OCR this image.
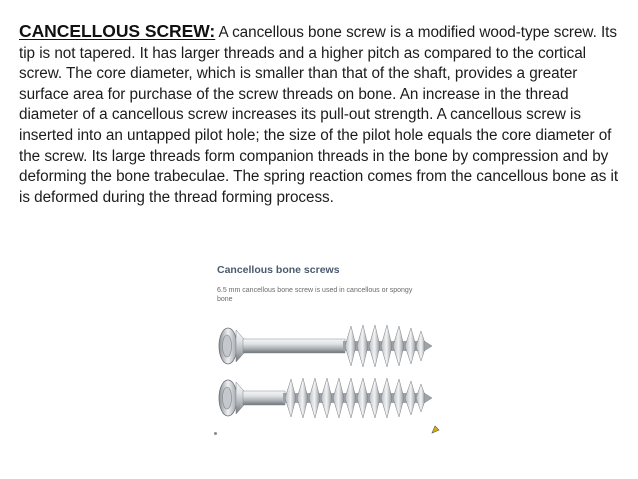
CANCELLOUS SCREW: A cancellous bone screw is a modified wood-type screw. Its tip is not tapered. It has larger threads and a higher pitch as compared to the cortical screw. The core diameter, which is smaller than that of the shaft, provides a greater surface area for purchase of the screw threads on bone. An increase in the thread diameter of a cancellous screw increases its pull-out strength. A cancellous screw is inserted into an untapped pilot hole; the size of the pilot hole equals the core diameter of the screw. Its large threads form companion threads in the bone by compression and by deforming the bone trabeculae. The spring reaction comes from the cancellous bone as it is deformed during the thread forming process.
Cancellous bone screws
6.5 mm cancellous bone screw is used in cancellous or spongy bone
